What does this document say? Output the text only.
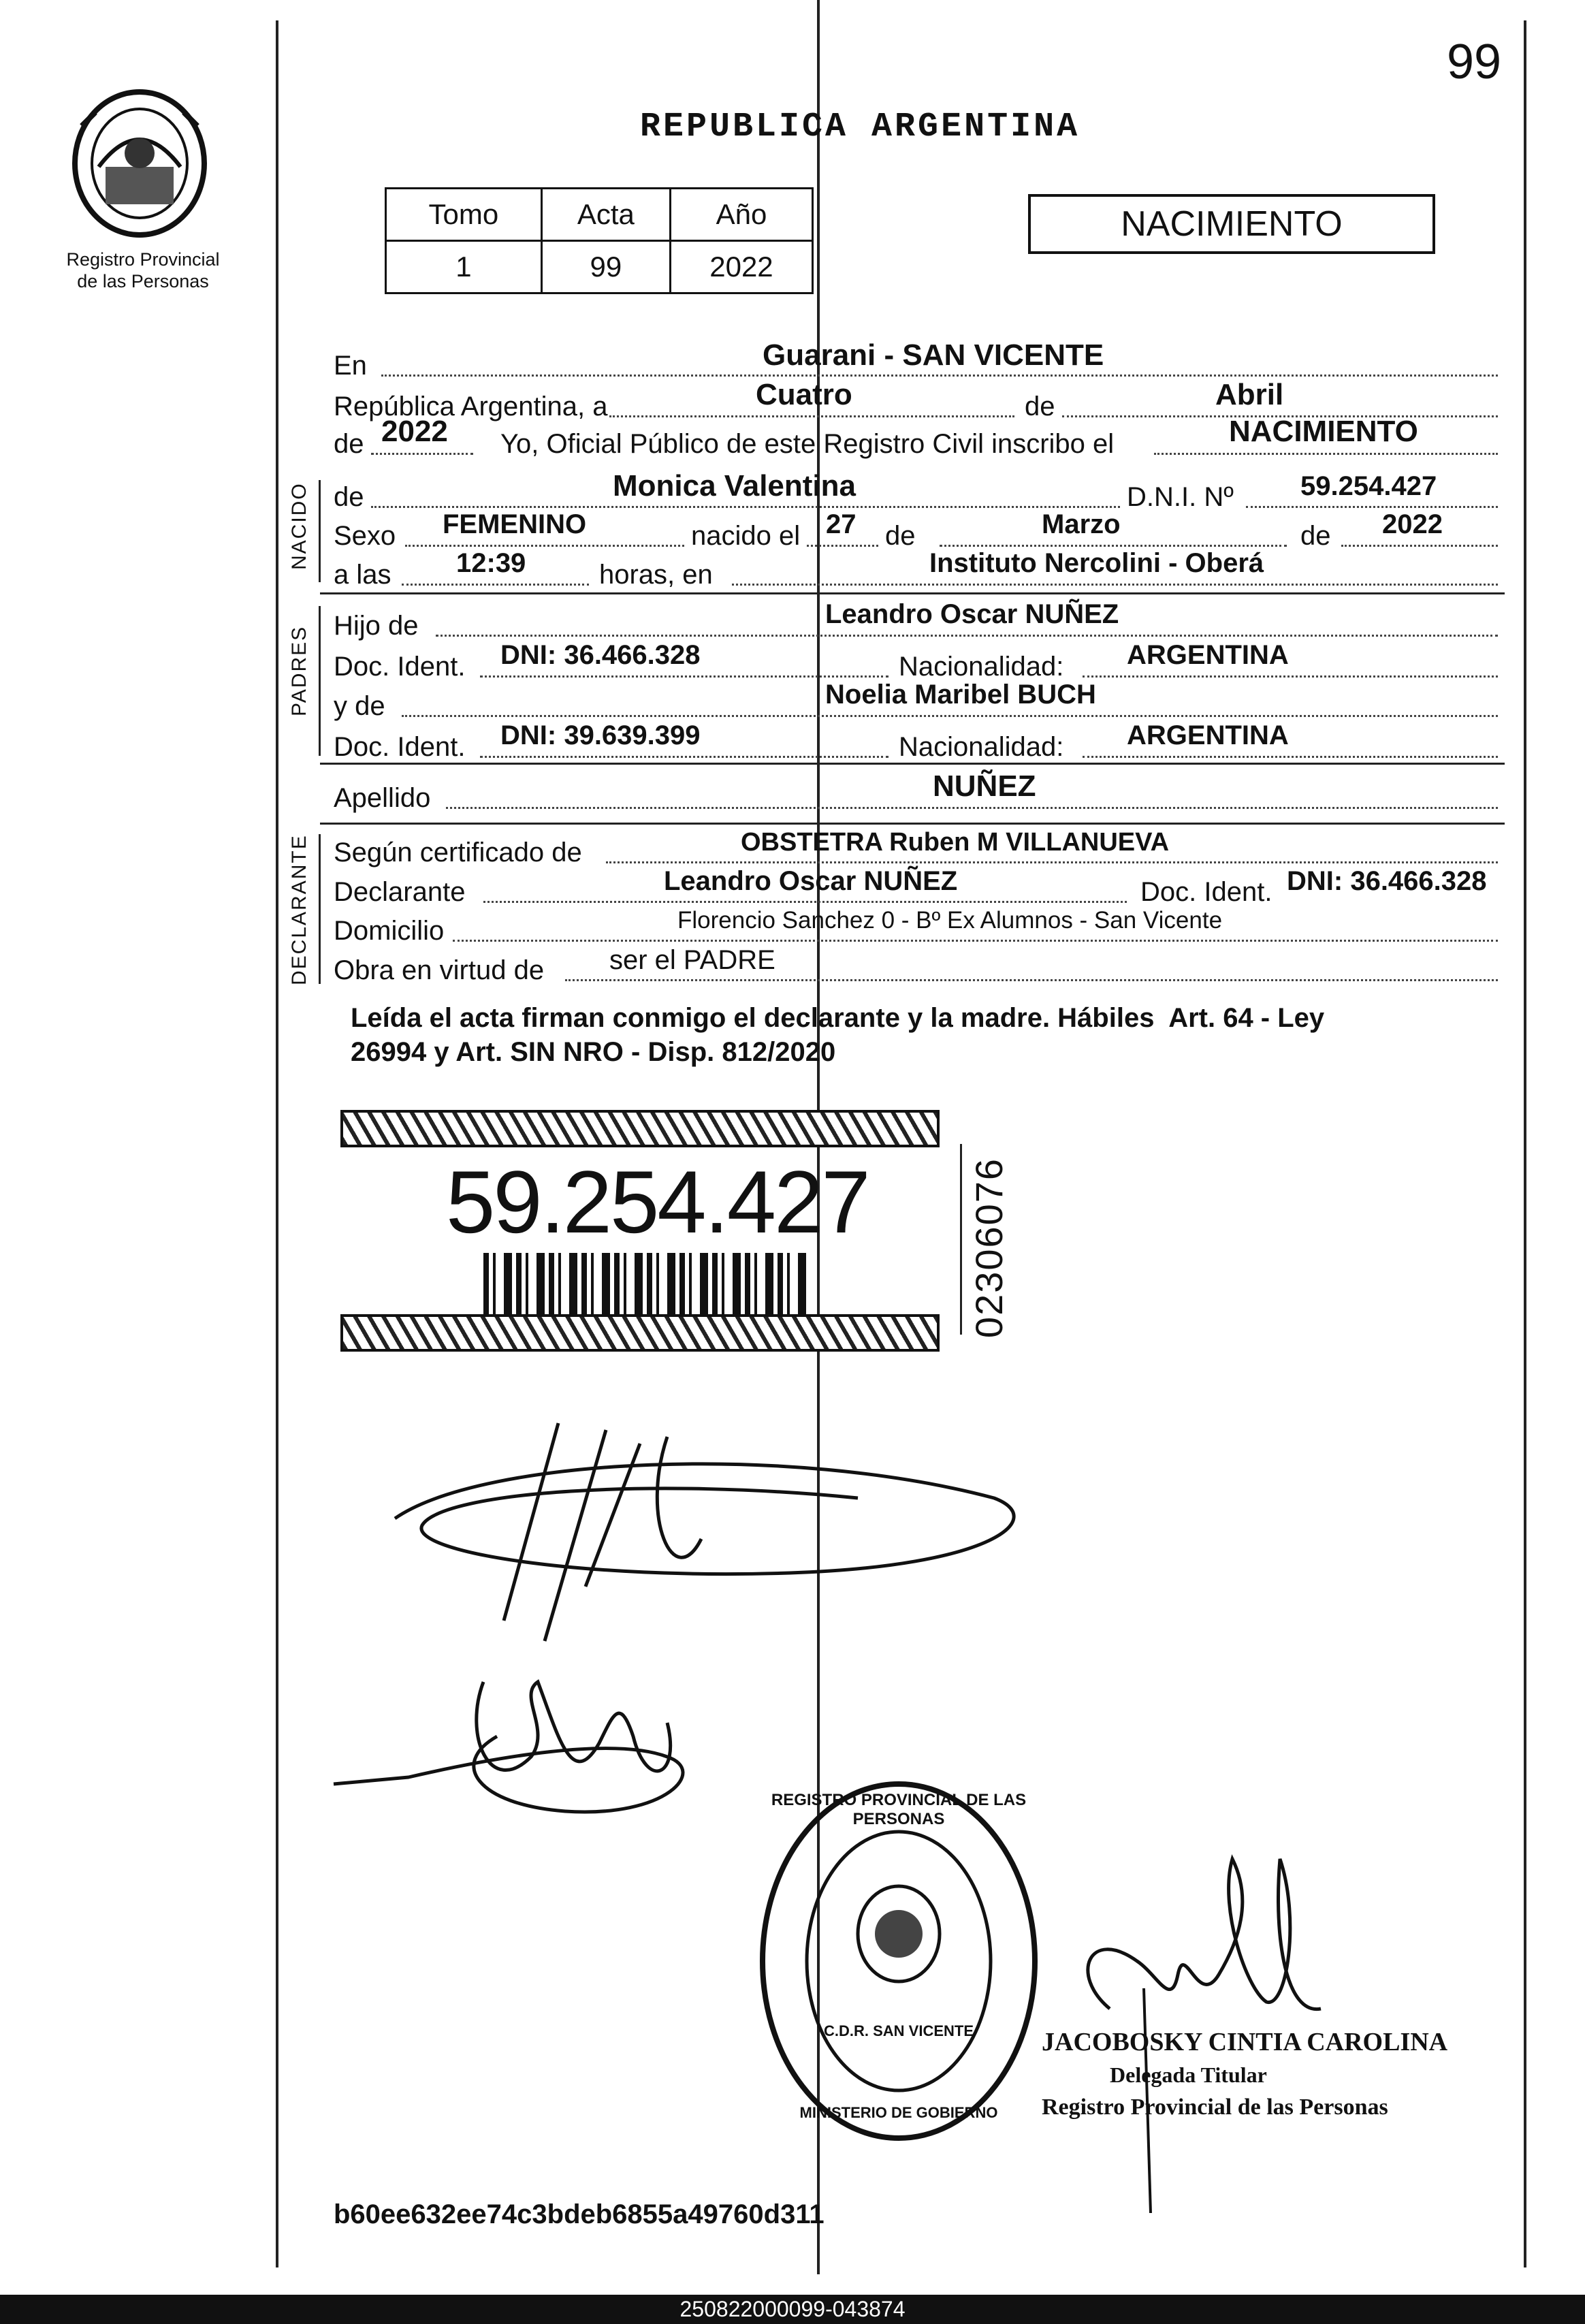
99
Registro Provincial
de las Personas
REPUBLICA ARGENTINA
Tomo	Acta	Año
1	99	2022
NACIMIENTO
En	Guarani - SAN VICENTE
República Argentina, a	Cuatro	de	Abril
de 2022 Yo, Oficial Público de este Registro Civil inscribo el	NACIMIENTO
NACIDO de	Monica Valentina	D.N.I. Nº 59.254.427
Sexo FEMENINO	nacido el 27 de	Marzo	de 2022
a las 12:39	horas, en	Instituto Nercolini - Oberá
PADRES Hijo de	Leandro Oscar NUÑEZ
Doc. Ident. DNI: 36.466.328	Nacionalidad: ARGENTINA
y de	Noelia Maribel BUCH
Doc. Ident. DNI: 39.639.399	Nacionalidad: ARGENTINA
Apellido	NUÑEZ
DECLARANTE Según certificado de	OBSTETRA Ruben M VILLANUEVA
Declarante	Leandro Oscar NUÑEZ	Doc. Ident. DNI: 36.466.328
Domicilio	Florencio Sanchez 0 - Bº Ex Alumnos - San Vicente
Obra en virtud de ser el PADRE
Leída el acta firman conmigo el declarante y la madre. Hábiles  Art. 64 - Ley
26994 y Art. SIN NRO - Disp. 812/2020
59.254.427	02306076
REGISTRO PROVINCIAL DE LAS PERSONAS
C.D.R. SAN VICENTE
MINISTERIO DE GOBIERNO
JACOBOSKY CINTIA CAROLINA
Delegada Titular
Registro Provincial de las Personas
b60ee632ee74c3bdeb6855a49760d311
250822000099-043874
